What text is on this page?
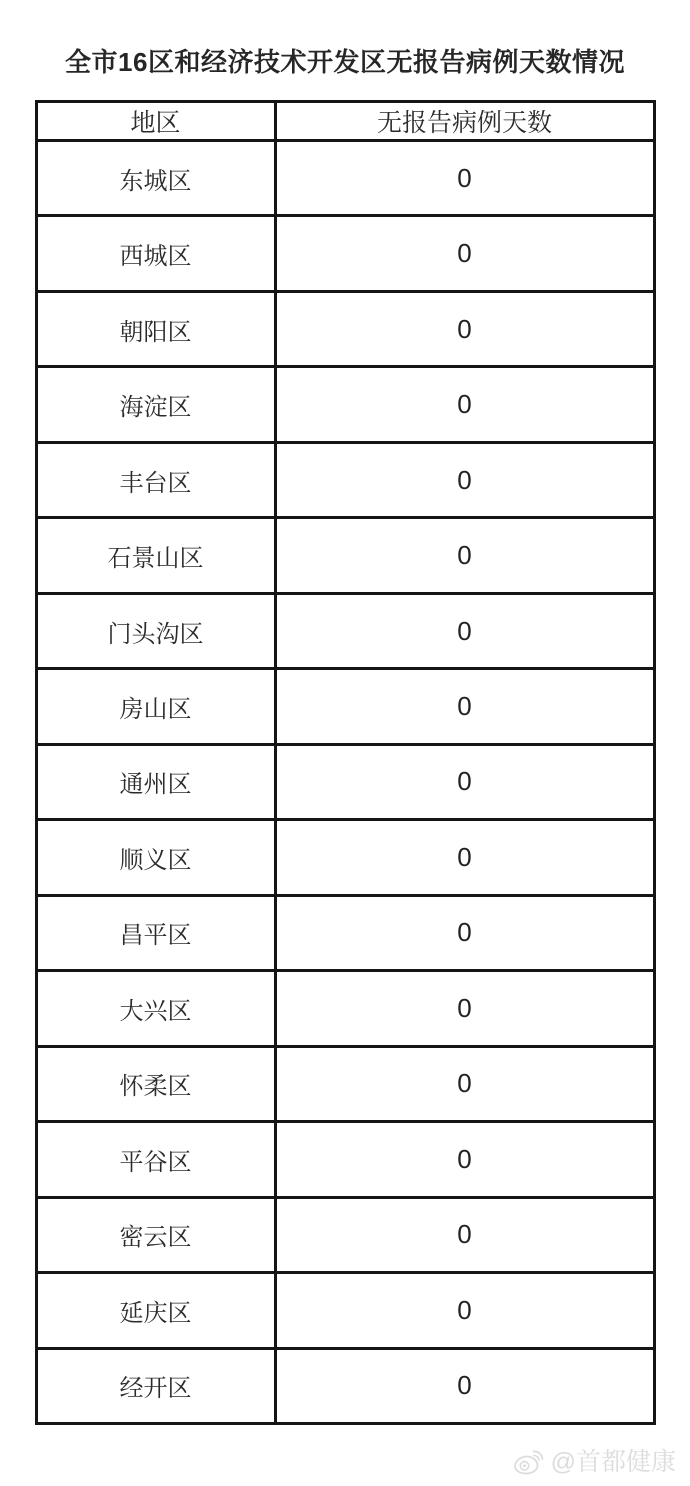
全市16区和经济技术开发区无报告病例天数情况
地区	无报告病例天数
东城区	0
西城区	0
朝阳区	0
海淀区	0
丰台区	0
石景山区	0
门头沟区	0
房山区	0
通州区	0
顺义区	0
昌平区	0
大兴区	0
怀柔区	0
平谷区	0
密云区	0
延庆区	0
经开区	0
@首都健康
